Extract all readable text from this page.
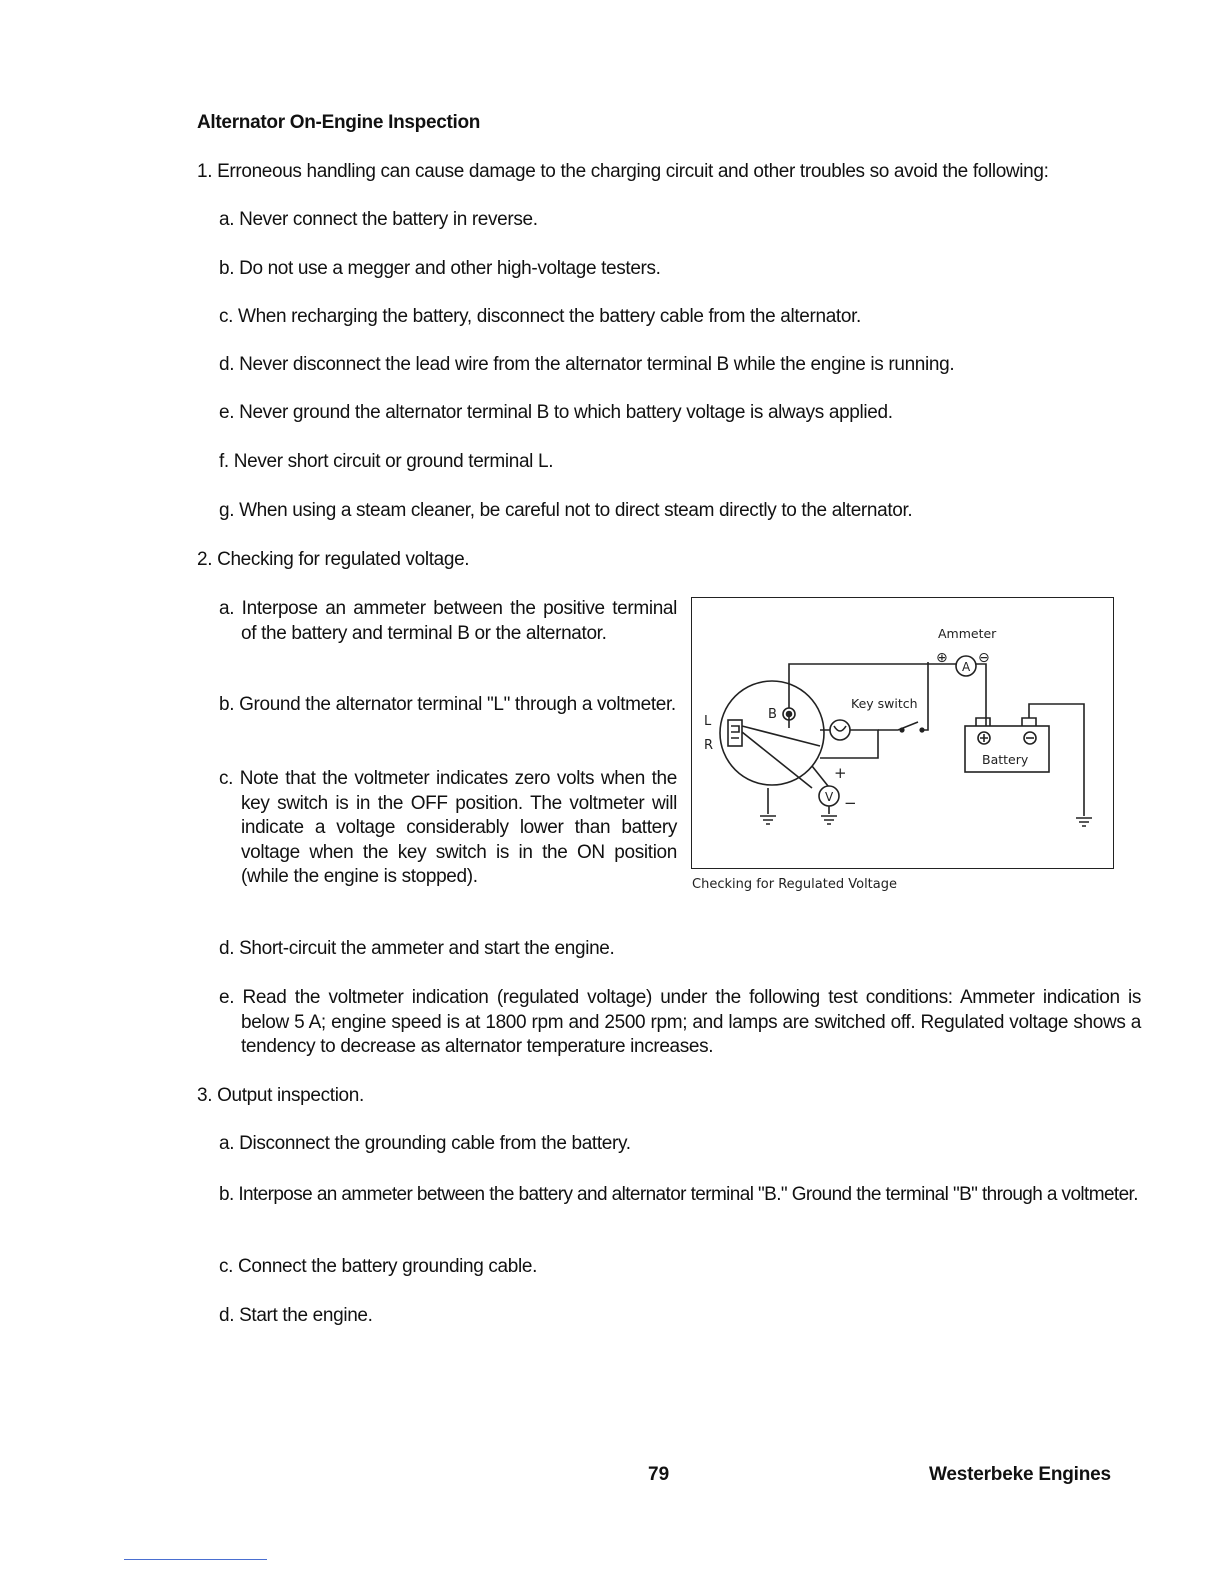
Alternator On-Engine Inspection
1. Erroneous handling can cause damage to the charging circuit and other troubles so avoid the following:
a. Never connect the battery in reverse.
b. Do not use a megger and other high-voltage testers.
c. When recharging the battery, disconnect the battery cable from the alternator.
d. Never disconnect the lead wire from the alternator terminal B while the engine is running.
e. Never ground the alternator terminal B to which battery voltage is always applied.
f. Never short circuit or ground terminal L.
g. When using a steam cleaner, be careful not to direct steam directly to the alternator.
2. Checking for regulated voltage.
a. Interpose an ammeter between the positive terminal of the battery and terminal B or the alternator.
b. Ground the alternator terminal "L" through a voltmeter.
c. Note that the voltmeter indicates zero volts when the key switch is in the OFF position. The voltmeter will indicate a voltage considerably lower than battery voltage when the key switch is in the ON position (while the engine is stopped).
d. Short-circuit the ammeter and start the engine.
e. Read the voltmeter indication (regulated voltage) under the following test conditions: Ammeter indication is below 5 A; engine speed is at 1800 rpm and 2500 rpm; and lamps are switched off. Regulated voltage shows a tendency to decrease as alternator temperature increases.
Ammeter
A
⊕ ⊖
Key switch
Battery
B
L
R
V
+
−
Checking for Regulated Voltage
3. Output inspection.
a. Disconnect the grounding cable from the battery.
b. Interpose an ammeter between the battery and alternator terminal "B." Ground the terminal "B" through a voltmeter.
c. Connect the battery grounding cable.
d. Start the engine.
79	Westerbeke Engines
